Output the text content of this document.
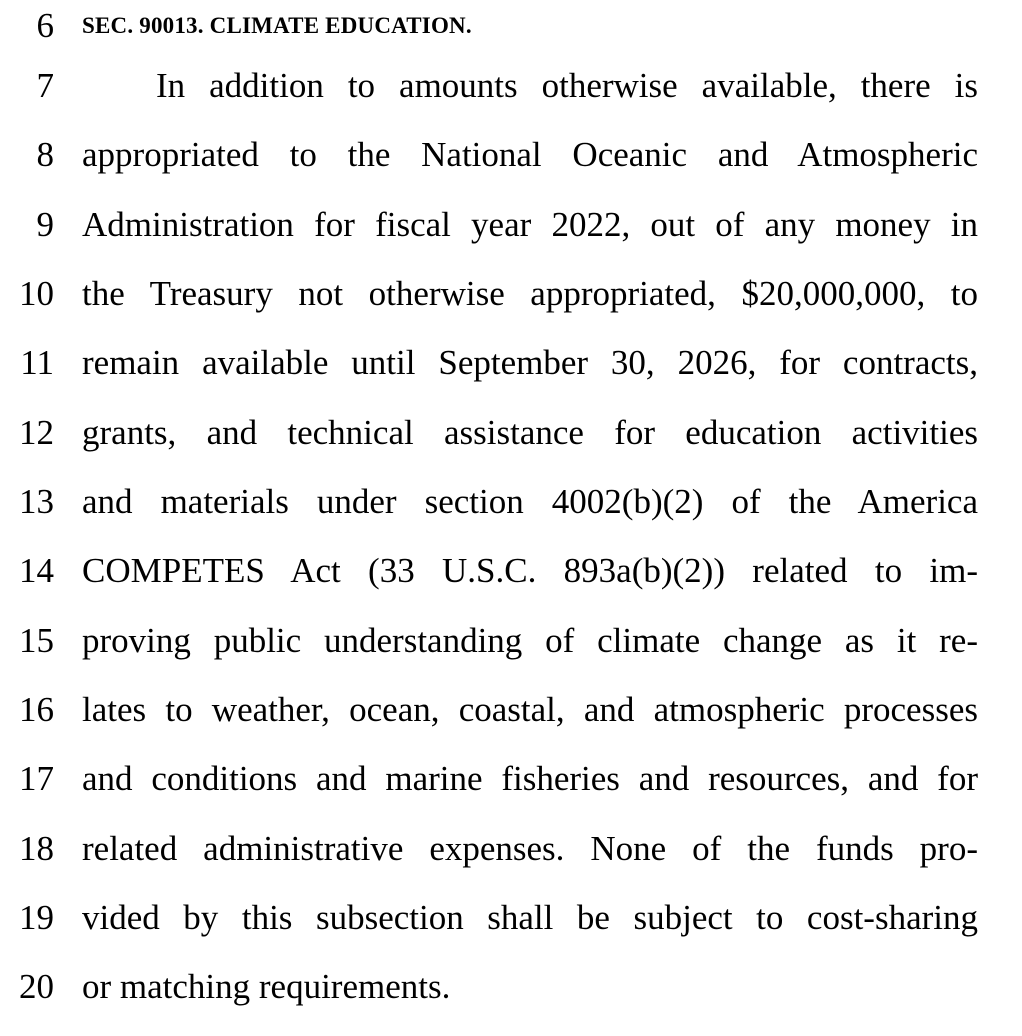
6 SEC. 90013. CLIMATE EDUCATION.
7	In addition to amounts otherwise available, there is
8 appropriated to the National Oceanic and Atmospheric
9 Administration for fiscal year 2022, out of any money in
10 the Treasury not otherwise appropriated, $20,000,000, to
11 remain available until September 30, 2026, for contracts,
12 grants, and technical assistance for education activities
13 and materials under section 4002(b)(2) of the America
14 COMPETES Act (33 U.S.C. 893a(b)(2)) related to im-
15 proving public understanding of climate change as it re-
16 lates to weather, ocean, coastal, and atmospheric processes
17 and conditions and marine fisheries and resources, and for
18 related administrative expenses. None of the funds pro-
19 vided by this subsection shall be subject to cost-sharing
20 or matching requirements.
